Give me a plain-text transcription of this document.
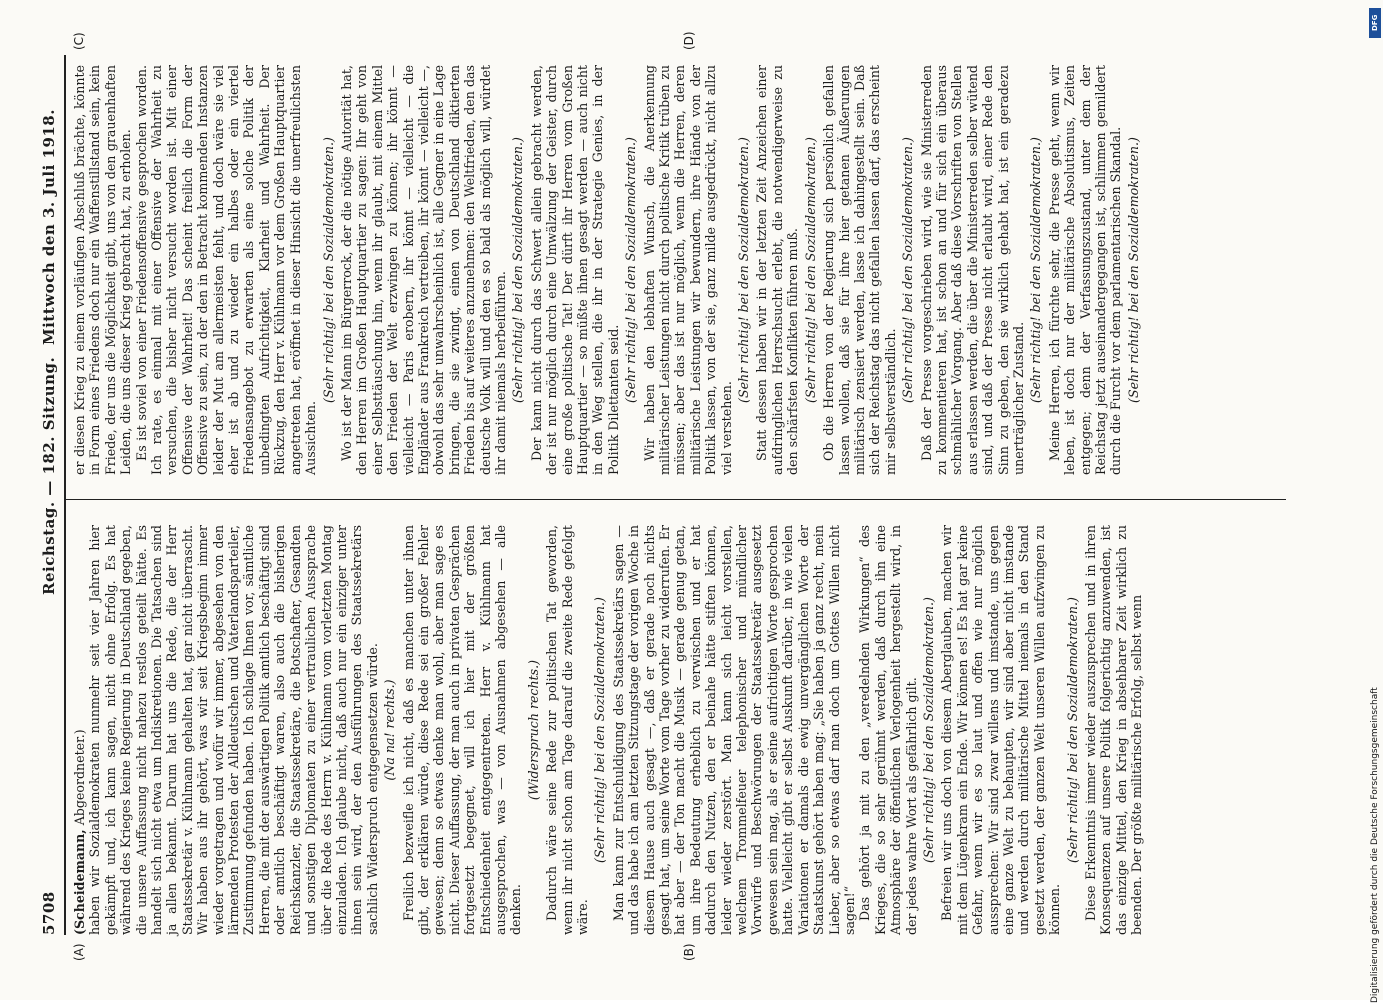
5708
Reichstag. — 182. Sitzung.
Mittwoch den 3. Juli 1918.
(A)	(B)
(C)	(D)

(Scheidemann, Abgeordneter.) haben wir Sozialdemokraten nunmehr seit vier Jahren hier gekämpft und, ich kann sagen, nicht ohne Erfolg. Es hat während des Krieges keine Regierung in Deutschland gegeben, die unsere Auffassung nicht nahezu restlos geteilt hätte. Es handelt sich nicht etwa um Indiskretionen. Die Tatsachen sind ja allen bekannt. Darum hat uns die Rede, die der Herr Staatssekretär v. Kühlmann gehalten hat, gar nicht überrascht. Wir haben aus ihr gehört, was wir seit Kriegsbeginn immer wieder vorgetragen und wofür wir immer, abgesehen von den lärmenden Protesten der Alldeutschen und Vaterlandsparteiler, Zustimmung gefunden haben. Ich schlage Ihnen vor, sämtliche Herren, die mit der auswärtigen Politik amtlich beschäftigt sind oder amtlich beschäftigt waren, also auch die bisherigen Reichskanzler, die Staatssekretäre, die Botschafter, Gesandten und sonstigen Diplomaten zu einer vertraulichen Aussprache über die Rede des Herrn v. Kühlmann vom vorletzten Montag einzuladen. Ich glaube nicht, daß auch nur ein einziger unter ihnen sein wird, der den Ausführungen des Staatssekretärs sachlich Widerspruch entgegensetzen würde. (Na na! rechts.) Freilich bezweifle ich nicht, daß es manchen unter ihnen gibt, der erklären würde, diese Rede sei ein großer Fehler gewesen; denn so etwas denke man wohl, aber man sage es nicht. Dieser Auffassung, der man auch in privaten Gesprächen fortgesetzt begegnet, will ich hier mit der größten Entschiedenheit entgegentreten. Herr v. Kühlmann hat ausgesprochen, was — von Ausnahmen abgesehen — alle denken.

(Widerspruch rechts.) Dadurch wäre seine Rede zur politischen Tat geworden, wenn ihr nicht schon am Tage darauf die zweite Rede gefolgt wäre.

(Sehr richtig! bei den Sozialdemokraten.) Man kann zur Entschuldigung des Staatssekretärs sagen — und das habe ich am letzten Sitzungstage der vorigen Woche in diesem Hause auch gesagt —, daß er gerade noch nichts gesagt hat, um seine Worte vom Tage vorher zu widerrufen. Er hat aber — der Ton macht die Musik — gerade genug getan, um ihre Bedeutung erheblich zu verwischen und er hat dadurch den Nutzen, den er beinahe hätte stiften können, leider wieder zerstört. Man kann sich leicht vorstellen, welchem Trommelfeuer telephonischer und mündlicher Vorwürfe und Beschwörungen der Staatssekretär ausgesetzt gewesen sein mag, als er seine aufrichtigen Worte gesprochen hatte. Vielleicht gibt er selbst Auskunft darüber, in wie vielen Variationen er damals die ewig unvergänglichen Worte der Staatskunst gehört haben mag: „Sie haben ja ganz recht, mein Lieber, aber so etwas darf man doch um Gottes Willen nicht sagen!“ Das gehört ja mit zu den „veredelnden Wirkungen“ des Krieges, die so sehr gerühmt werden, daß durch ihn eine Atmosphäre der öffentlichen Verlogenheit hergestellt wird, in der jedes wahre Wort als gefährlich gilt. (Sehr richtig! bei den Sozialdemokraten.) Befreien wir uns doch von diesem Aberglauben, machen wir mit dem Lügenkram ein Ende. Wir können es! Es hat gar keine Gefahr, wenn wir es so laut und offen wie nur möglich aussprechen: Wir sind zwar willens und imstande, uns gegen eine ganze Welt zu behaupten, wir sind aber nicht imstande und werden durch militärische Mittel niemals in den Stand gesetzt werden, der ganzen Welt unseren Willen aufzwingen zu können.

(Sehr richtig! bei den Sozialdemokraten.) Diese Erkenntnis immer wieder auszusprechen und in ihren Konsequenzen auf unsere Politik folgerichtig anzuwenden, ist das einzige Mittel, den Krieg in absehbarer Zeit wirklich zu beenden. Der größte militärische Erfolg, selbst wenn

er diesen Krieg zu einem vorläufigen Abschluß brächte, könnte in Form eines Friedens doch nur ein Waffenstillstand sein, kein Friede, der uns die Möglichkeit gibt, uns von den grauenhaften Leiden, die uns dieser Krieg gebracht hat, zu erholen. Es ist soviel von einer Friedensoffensive gesprochen worden. Ich rate, es einmal mit einer Offensive der Wahrheit zu versuchen, die bisher nicht versucht worden ist. Mit einer Offensive der Wahrheit! Das scheint freilich die Form der Offensive zu sein, zu der den in Betracht kommenden Instanzen leider der Mut am allermeisten fehlt, und doch wäre sie viel eher ist ab und zu wieder ein halbes oder ein viertel Friedensangebot zu erwarten als eine solche Politik der unbedingten Aufrichtigkeit, Klarheit und Wahrheit. Der Rückzug, den Herr v. Kühlmann vor dem Großen Hauptquartier angetreten hat, eröffnet in dieser Hinsicht die unerfreulichsten Aussichten.

(Sehr richtig! bei den Sozialdemokraten.) Wo ist der Mann im Bürgerrock, der die nötige Autorität hat, den Herren im Großen Hauptquartier zu sagen: Ihr geht von einer Selbsttäuschung hin, wenn ihr glaubt, mit einem Mittel den Frieden der Welt erzwingen zu können; ihr könnt — vielleicht — Paris erobern, ihr könnt — vielleicht — die Engländer aus Frankreich vertreiben, ihr könnt — vielleicht —, obwohl das sehr unwahrscheinlich ist, alle Gegner in eine Lage bringen, die sie zwingt, einen von Deutschland diktierten Frieden bis auf weiteres anzunehmen: den Weltfrieden, den das deutsche Volk will und den es so bald als möglich will, würdet ihr damit niemals herbeiführen. (Sehr richtig! bei den Sozialdemokraten.) Der kann nicht durch das Schwert allein gebracht werden, der ist nur möglich durch eine Umwälzung der Geister, durch eine große politische Tat! Der dürft ihr Herren vom Großen Hauptquartier — so müßte ihnen gesagt werden — auch nicht in den Weg stellen, die ihr in der Strategie Genies, in der Politik Dilettanten seid. (Sehr richtig! bei den Sozialdemokraten.) Wir haben den lebhaften Wunsch, die Anerkennung militärischer Leistungen nicht durch politische Kritik trüben zu müssen; aber das ist nur möglich, wenn die Herren, deren militärische Leistungen wir bewundern, ihre Hände von der Politik lassen, von der sie, ganz milde ausgedrückt, nicht allzu viel verstehen.

(Sehr richtig! bei den Sozialdemokraten.) Statt dessen haben wir in der letzten Zeit Anzeichen einer aufdringlichen Herrschsucht erlebt, die notwendigerweise zu den schärfsten Konflikten führen muß. (Sehr richtig! bei den Sozialdemokraten.) Ob die Herren von der Regierung sich persönlich gefallen lassen wollen, daß sie für ihre hier getanen Äußerungen militärisch zensiert werden, lasse ich dahingestellt sein. Daß sich der Reichstag das nicht gefallen lassen darf, das erscheint mir selbstverständlich. (Sehr richtig! bei den Sozialdemokraten.) Daß der Presse vorgeschrieben wird, wie sie Ministerreden zu kommentieren hat, ist schon an und für sich ein überaus schmählicher Vorgang. Aber daß diese Vorschriften von Stellen aus erlassen werden, die über die Ministerreden selber wütend sind, und daß der Presse nicht erlaubt wird, einer Rede den Sinn zu geben, den sie wirklich gehabt hat, ist ein geradezu unerträglicher Zustand. (Sehr richtig! bei den Sozialdemokraten.) Meine Herren, ich fürchte sehr, die Presse geht, wenn wir leben, ist doch nur der militärische Absolutismus, Zeiten entgegen; denn der Verfassungszustand, unter dem der Reichstag jetzt auseinandergegangen ist, schlimmen gemildert durch die Furcht vor dem parlamentarischen Skandal. (Sehr richtig! bei den Sozialdemokraten.)

DFG
Digitalisierung gefördert durch die Deutsche Forschungsgemeinschaft
